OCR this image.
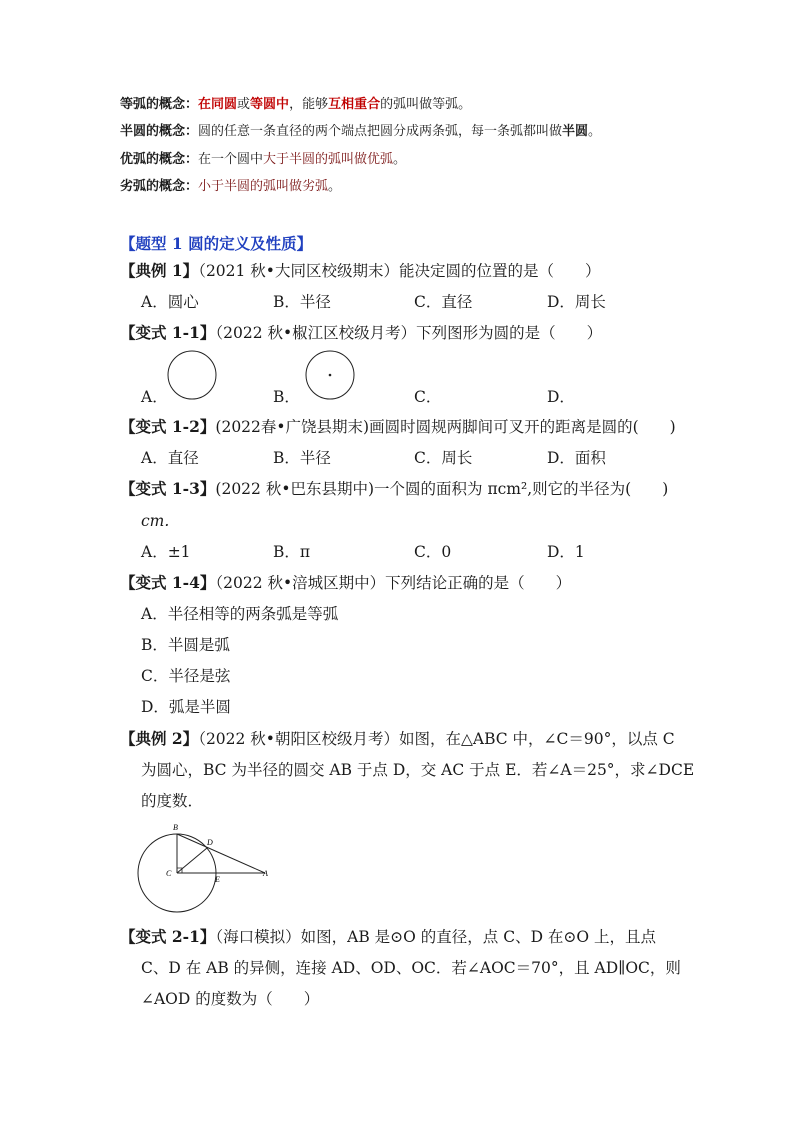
等弧的概念：在同圆或等圆中，能够互相重合的弧叫做等弧。
半圆的概念：圆的任意一条直径的两个端点把圆分成两条弧，每一条弧都叫做半圆。
优弧的概念：在一个圆中大于半圆的弧叫做优弧。
劣弧的概念：小于半圆的弧叫做劣弧。
【题型 1 圆的定义及性质】
【典例 1】（2021 秋•大同区校级期末）能决定圆的位置的是（　　）
A．圆心	B．半径	C．直径	D．周长
【变式 1-1】（2022 秋•椒江区校级月考）下列图形为圆的是（　　）
A．	B．	C．	D．
【变式 1-2】(2022春•广饶县期末)画圆时圆规两脚间可叉开的距离是圆的(　　)
A．直径	B．半径	C．周长	D．面积
【变式 1-3】(2022 秋•巴东县期中)一个圆的面积为 πcm²,则它的半径为(　　)
cm.
A．±1	B．π	C．0	D．1
【变式 1-4】（2022 秋•涪城区期中）下列结论正确的是（　　）
A．半径相等的两条弧是等弧
B．半圆是弧
C．半径是弦
D．弧是半圆
【典例 2】（2022 秋•朝阳区校级月考）如图，在△ABC 中，∠C＝90°，以点 C
为圆心，BC 为半径的圆交 AB 于点 D，交 AC 于点 E．若∠A＝25°，求∠DCE
的度数．
B
D
C
E
A
【变式 2-1】（海口模拟）如图，AB 是⊙O 的直径，点 C、D 在⊙O 上，且点
C、D 在 AB 的异侧，连接 AD、OD、OC．若∠AOC＝70°，且 AD∥OC，则
∠AOD 的度数为（　　）
